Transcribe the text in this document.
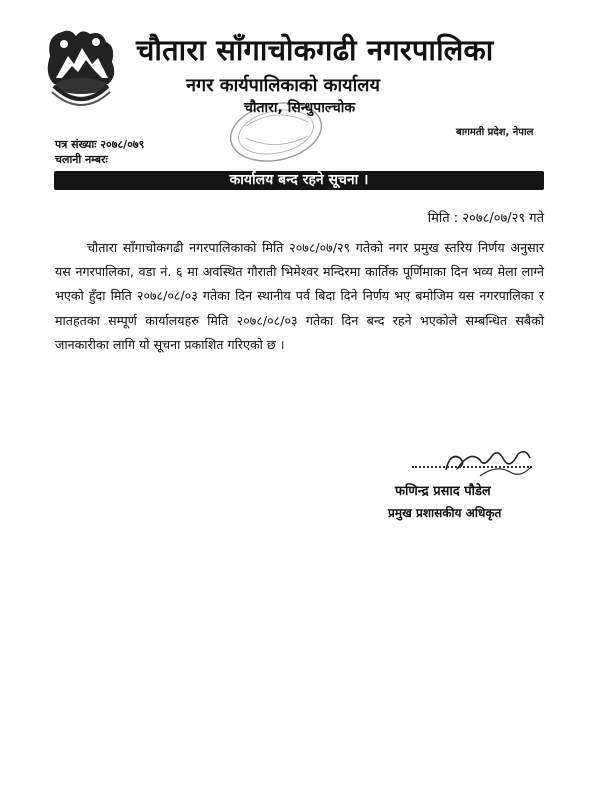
चौतारा साँगाचोकगढी नगरपालिका
नगर कार्यपालिकाको कार्यालय
चौतारा, सिन्धुपाल्चोक
बागमती प्रदेश, नेपाल
पत्र संख्याः २०७८/०७९
चलानी नम्बरः
कार्यालय बन्द रहने सूचना ।
मिति : २०७८/०७/२९ गते
चौतारा साँगाचोकगढी नगरपालिकाको मिति २०७८/०७/२९ गतेको नगर प्रमुख स्तरिय निर्णय अनुसार यस नगरपालिका, वडा नं. ६ मा अवस्थित गौराती भिमेश्वर मन्दिरमा कार्तिक पूर्णिमाका दिन भव्य मेला लाग्ने भएको हुँदा मिति २०७८/०८/०३ गतेका दिन स्थानीय पर्व बिदा दिने निर्णय भए बमोजिम यस नगरपालिका र मातहतका सम्पूर्ण कार्यालयहरु मिति २०७८/०८/०३ गतेका दिन बन्द रहने भएकोले सम्बन्धित सबैको जानकारीका लागि यो सूचना प्रकाशित गरिएको छ ।
फणिन्द्र प्रसाद पौडेल
प्रमुख प्रशासकीय अधिकृत
